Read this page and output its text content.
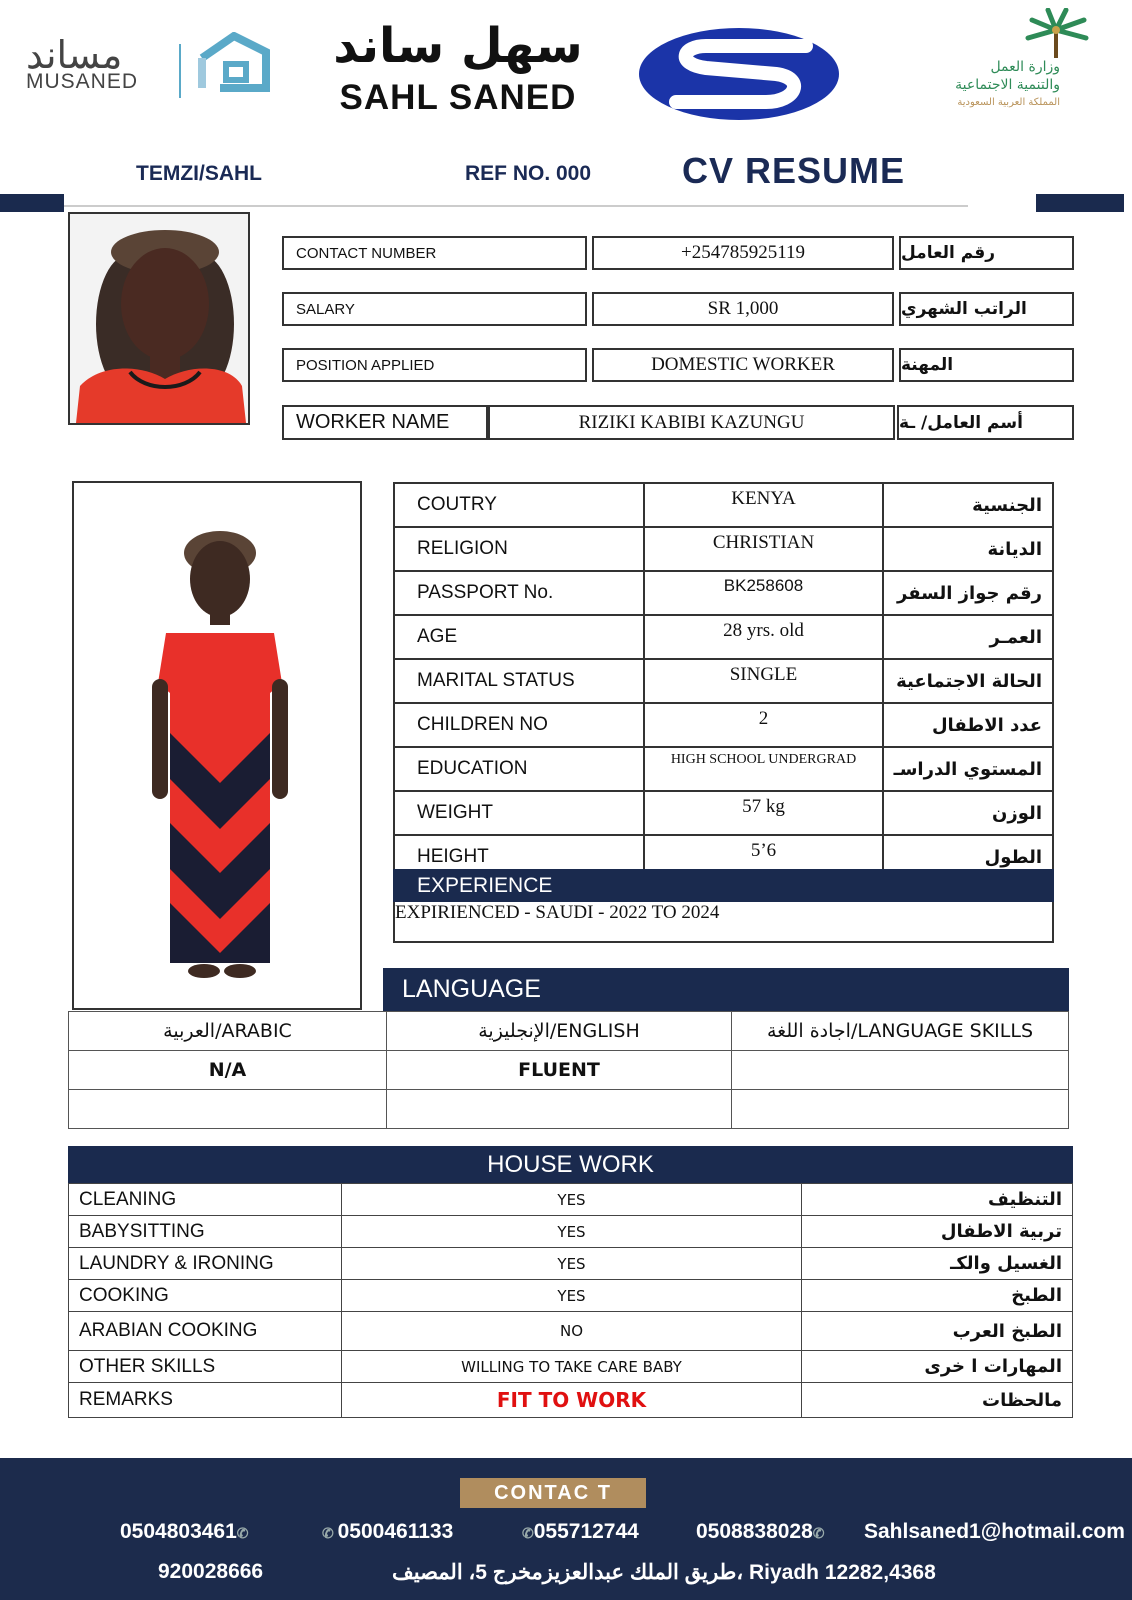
مساند
MUSANED
سهل ساند
SAHL SANED
وزارة العمل
والتنمية الاجتماعية
المملكة العربية السعودية
TEMZI/SAHL	REF NO. 000	CV RESUME
CONTACT NUMBER	+254785925119	رقم العامل
SALARY	SR 1,000	الراتب الشهري
POSITION APPLIED	DOMESTIC WORKER	المهنة
WORKER NAME	RIZIKI KABIBI KAZUNGU	أسم العامل/ ـة
COUTRY	KENYA	الجنسية
RELIGION	CHRISTIAN	الديانة
PASSPORT No.	BK258608	رقم جواز السفر
AGE	28 yrs. old	العمـر
MARITAL STATUS	SINGLE	الحالة الاجتماعية
CHILDREN NO	2	عدد الاطفال
EDUCATION	HIGH SCHOOL UNDERGRAD	المستوي الدراسـ
WEIGHT	57 kg	الوزن
HEIGHT	5’6	الطول
EXPERIENCE
EXPIRIENCED - SAUDI - 2022 TO 2024
LANGUAGE
العربية/ARABIC	الإنجليزية/ENGLISH	اجادة اللغة/LANGUAGE SKILLS
N/A	FLUENT	

HOUSE WORK
CLEANING	YES	التنظيف
BABYSITTING	YES	تربية الاطفال
LAUNDRY & IRONING	YES	الغسيل والكـ
COOKING	YES	الطبخ
ARABIAN COOKING	NO	الطبخ العرب
OTHER SKILLS	WILLING TO TAKE CARE BABY	المهارات ا خرى
REMARKS	FIT TO WORK	مالحظات
CONTAC T
0504803461✆	✆ 0500461133	✆055712744	0508838028✆ Sahlsaned1@hotmail.com
920028666	طريق الملك عبدالعزيزمخرج 5، المصيف، Riyadh 12282,4368
